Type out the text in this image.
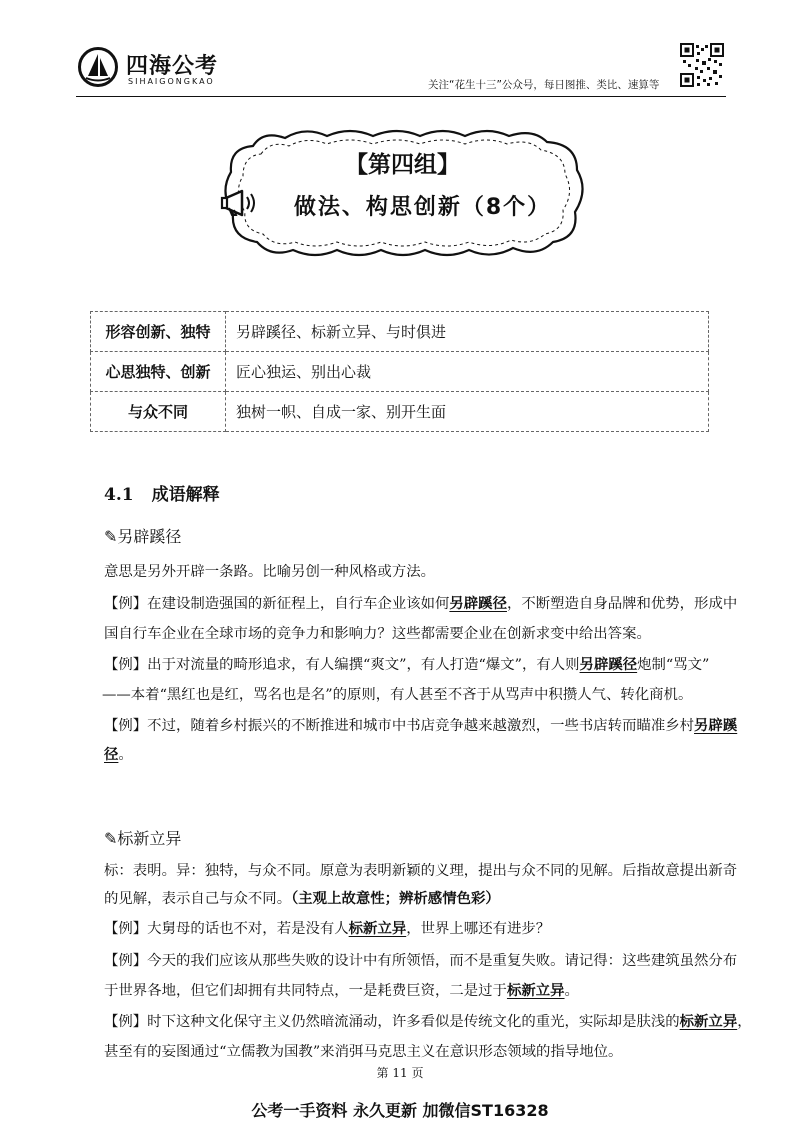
四海公考
SIHAIGONGKAO	关注“花生十三”公众号，每日图推、类比、速算等
【第四组】
做法、构思创新（8个）
形容创新、独特	另辟蹊径、标新立异、与时俱进
心思独特、创新	匠心独运、别出心裁
与众不同	独树一帜、自成一家、别开生面
4.1 成语解释
✎另辟蹊径
意思是另外开辟一条路。比喻另创一种风格或方法。
【例】在建设制造强国的新征程上，自行车企业该如何另辟蹊径，不断塑造自身品牌和优势，形成中
国自行车企业在全球市场的竞争力和影响力？这些都需要企业在创新求变中给出答案。
【例】出于对流量的畸形追求，有人编撰“爽文”，有人打造“爆文”，有人则另辟蹊径炮制“骂文”
——本着“黑红也是红，骂名也是名”的原则，有人甚至不吝于从骂声中积攒人气、转化商机。
【例】不过，随着乡村振兴的不断推进和城市中书店竞争越来越激烈，一些书店转而瞄准乡村另辟蹊
径。
✎标新立异
标：表明。异：独特，与众不同。原意为表明新颖的义理，提出与众不同的见解。后指故意提出新奇
的见解，表示自己与众不同。（主观上故意性；辨析感情色彩）
【例】大舅母的话也不对，若是没有人标新立异，世界上哪还有进步？
【例】今天的我们应该从那些失败的设计中有所领悟，而不是重复失败。请记得：这些建筑虽然分布
于世界各地，但它们却拥有共同特点，一是耗费巨资，二是过于标新立异。
【例】时下这种文化保守主义仍然暗流涌动，许多看似是传统文化的重光，实际却是肤浅的标新立异，
甚至有的妄图通过“立儒教为国教”来消弭马克思主义在意识形态领域的指导地位。
第 11 页
公考一手资料 永久更新 加微信ST16328
